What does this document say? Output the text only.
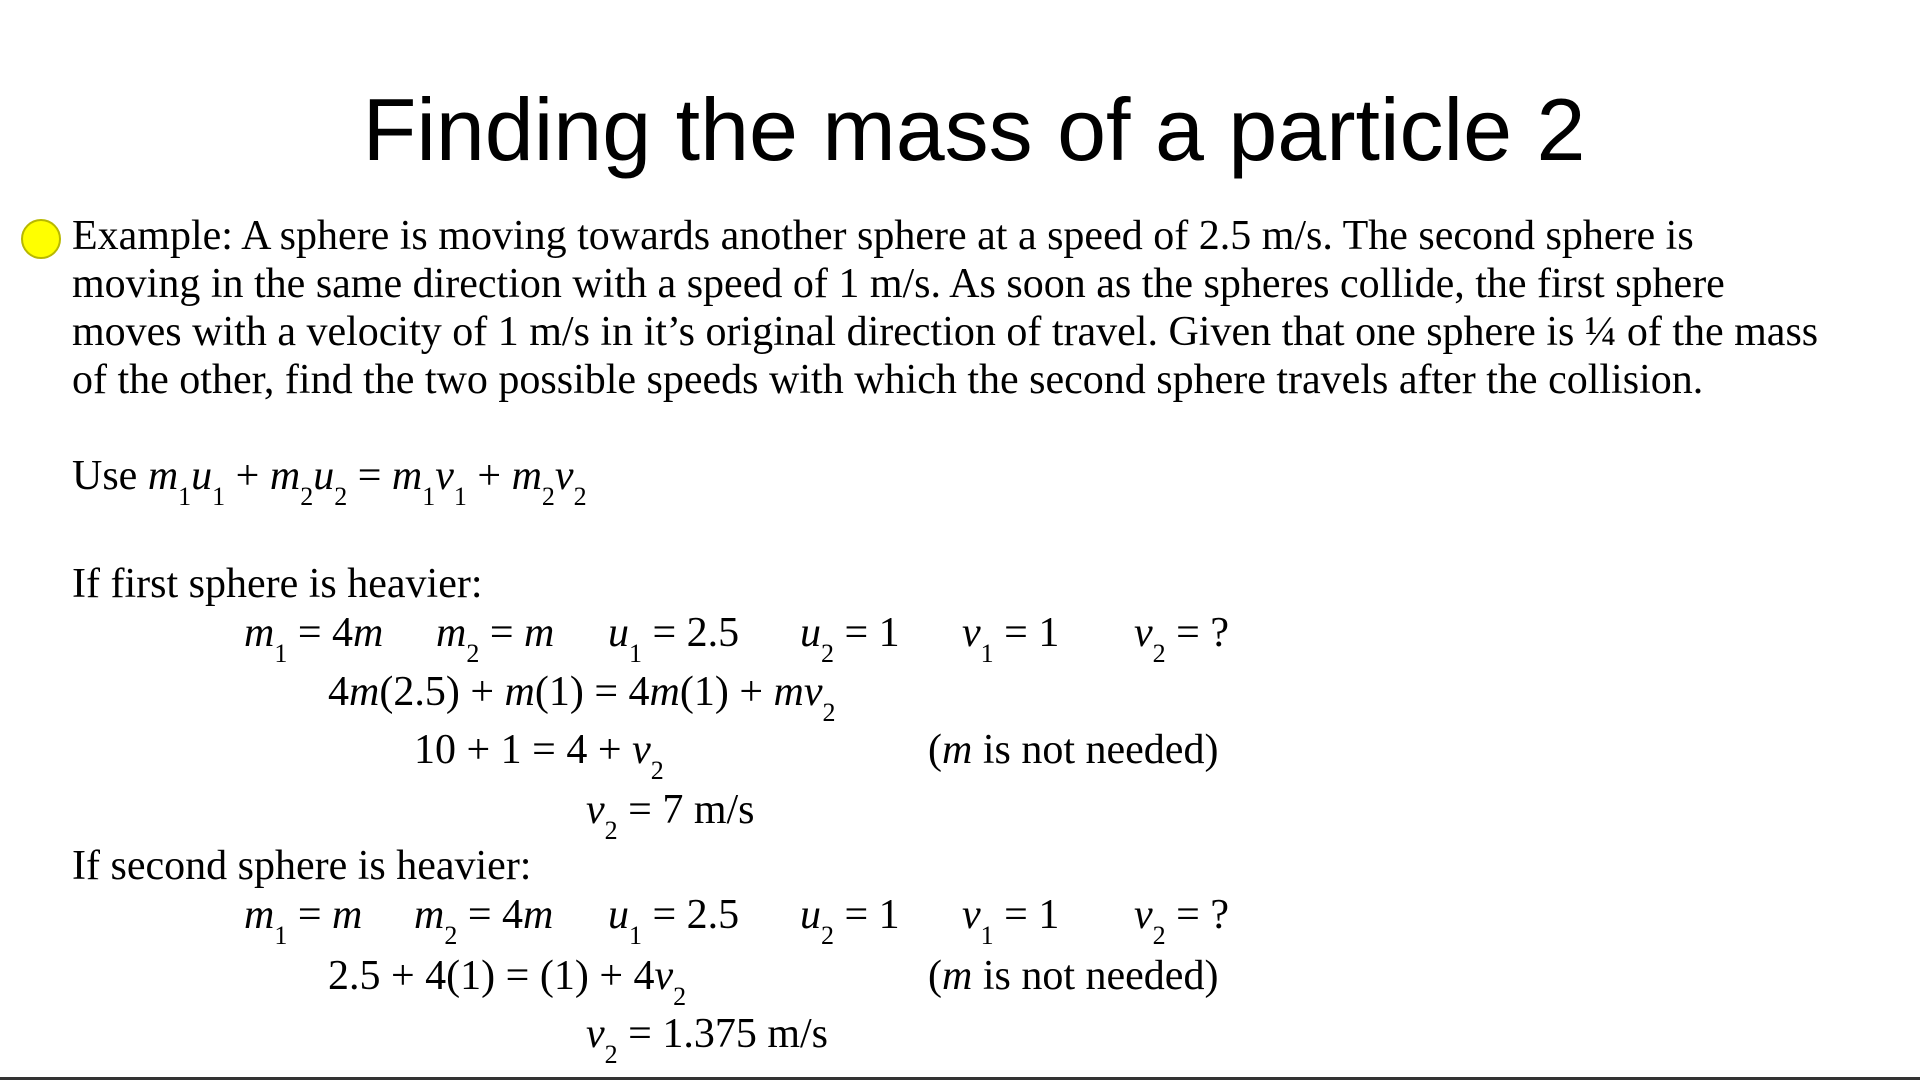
Finding the mass of a particle 2
Example: A sphere is moving towards another sphere at a speed of 2.5 m/s. The second sphere is
moving in the same direction with a speed of 1 m/s. As soon as the spheres collide, the first sphere
moves with a velocity of 1 m/s in it’s original direction of travel. Given that one sphere is ¼ of the mass
of the other, find the two possible speeds with which the second sphere travels after the collision.
Use $m_1u_1 + m_2u_2 = m_1v_1 + m_2v_2$
If first sphere is heavier:
$m_1 = 4m$ $m_2 = m$ $u_1 = 2.5$ $u_2 = 1$ $v_1 = 1$ $v_2$ = ?
$4m(2.5) + m(1) = 4m(1) + mv_2$
$10 + 1 = 4 + v_2$	(m is not needed)
$v_2 = 7$ m/s
If second sphere is heavier:
$m_1 = m$ $m_2 = 4m$ $u_1 = 2.5$ $u_2 = 1$ $v_1 = 1$ $v_2$ = ?
$2.5 + 4(1) = (1) + 4v_2$	(m is not needed)
$v_2 = 1.375$ m/s
